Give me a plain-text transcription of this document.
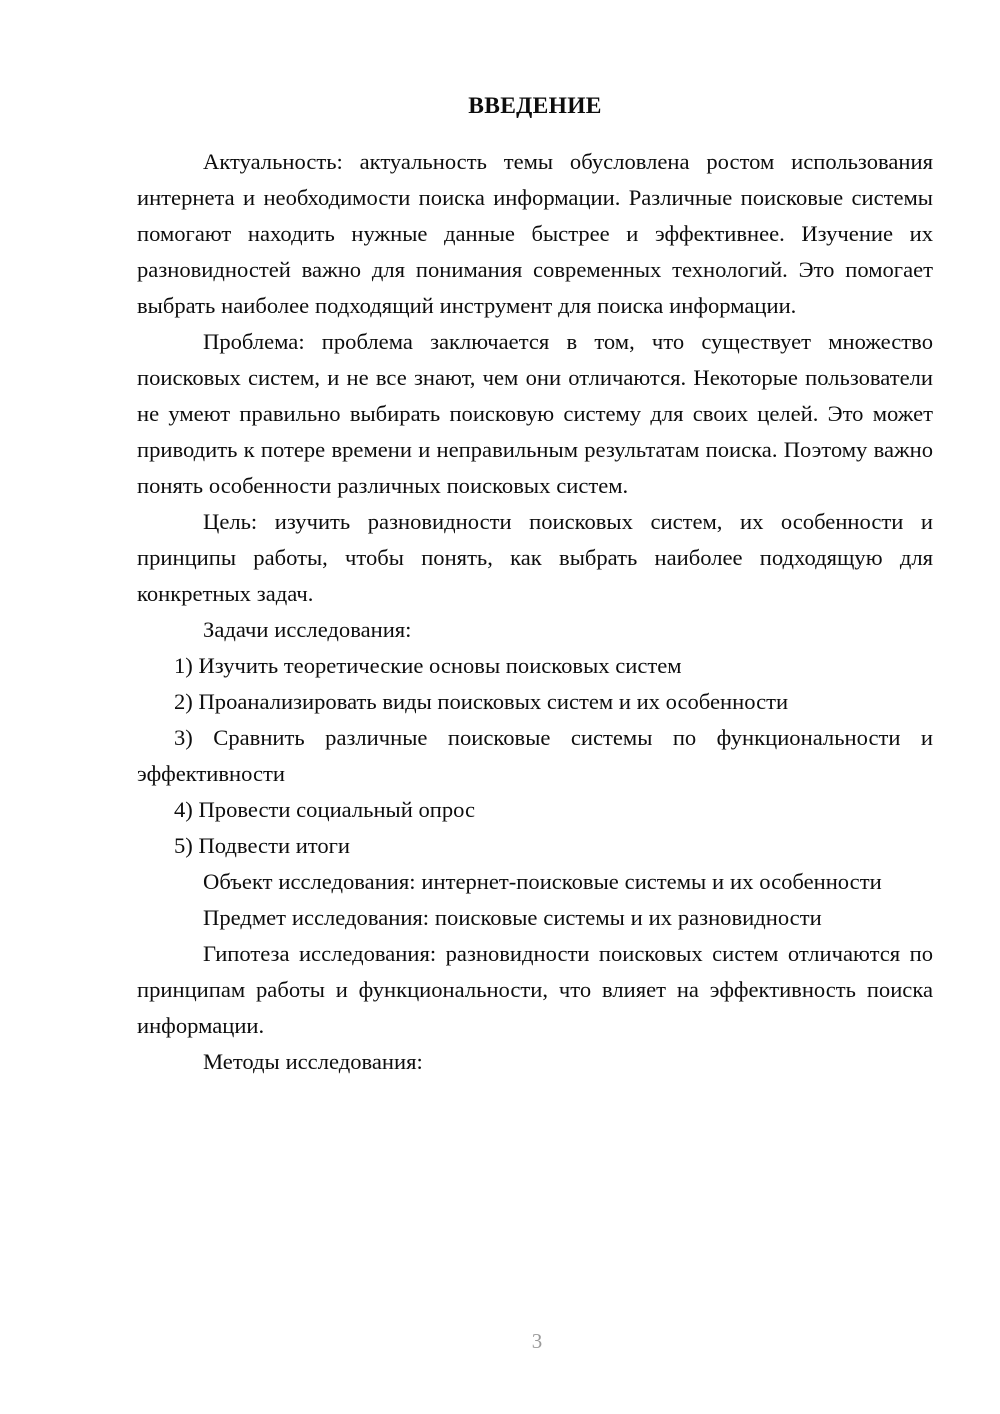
ВВЕДЕНИЕ

Актуальность: актуальность темы обусловлена ростом использования интернета и необходимости поиска информации. Различные поисковые системы помогают находить нужные данные быстрее и эффективнее. Изучение их разновидностей важно для понимания современных технологий. Это помогает выбрать наиболее подходящий инструмент для поиска информации.

Проблема: проблема заключается в том, что существует множество поисковых систем, и не все знают, чем они отличаются. Некоторые пользователи не умеют правильно выбирать поисковую систему для своих целей. Это может приводить к потере времени и неправильным результатам поиска. Поэтому важно понять особенности различных поисковых систем.

Цель: изучить разновидности поисковых систем, их особенности и принципы работы, чтобы понять, как выбрать наиболее подходящую для конкретных задач.

Задачи исследования:

1) Изучить теоретические основы поисковых систем

2) Проанализировать виды поисковых систем и их особенности

3) Сравнить различные поисковые системы по функциональности и эффективности

4) Провести социальный опрос

5) Подвести итоги

Объект исследования: интернет-поисковые системы и их особенности

Предмет исследования: поисковые системы и их разновидности

Гипотеза исследования: разновидности поисковых систем отличаются по принципам работы и функциональности, что влияет на эффективность поиска информации.

Методы исследования:

3
